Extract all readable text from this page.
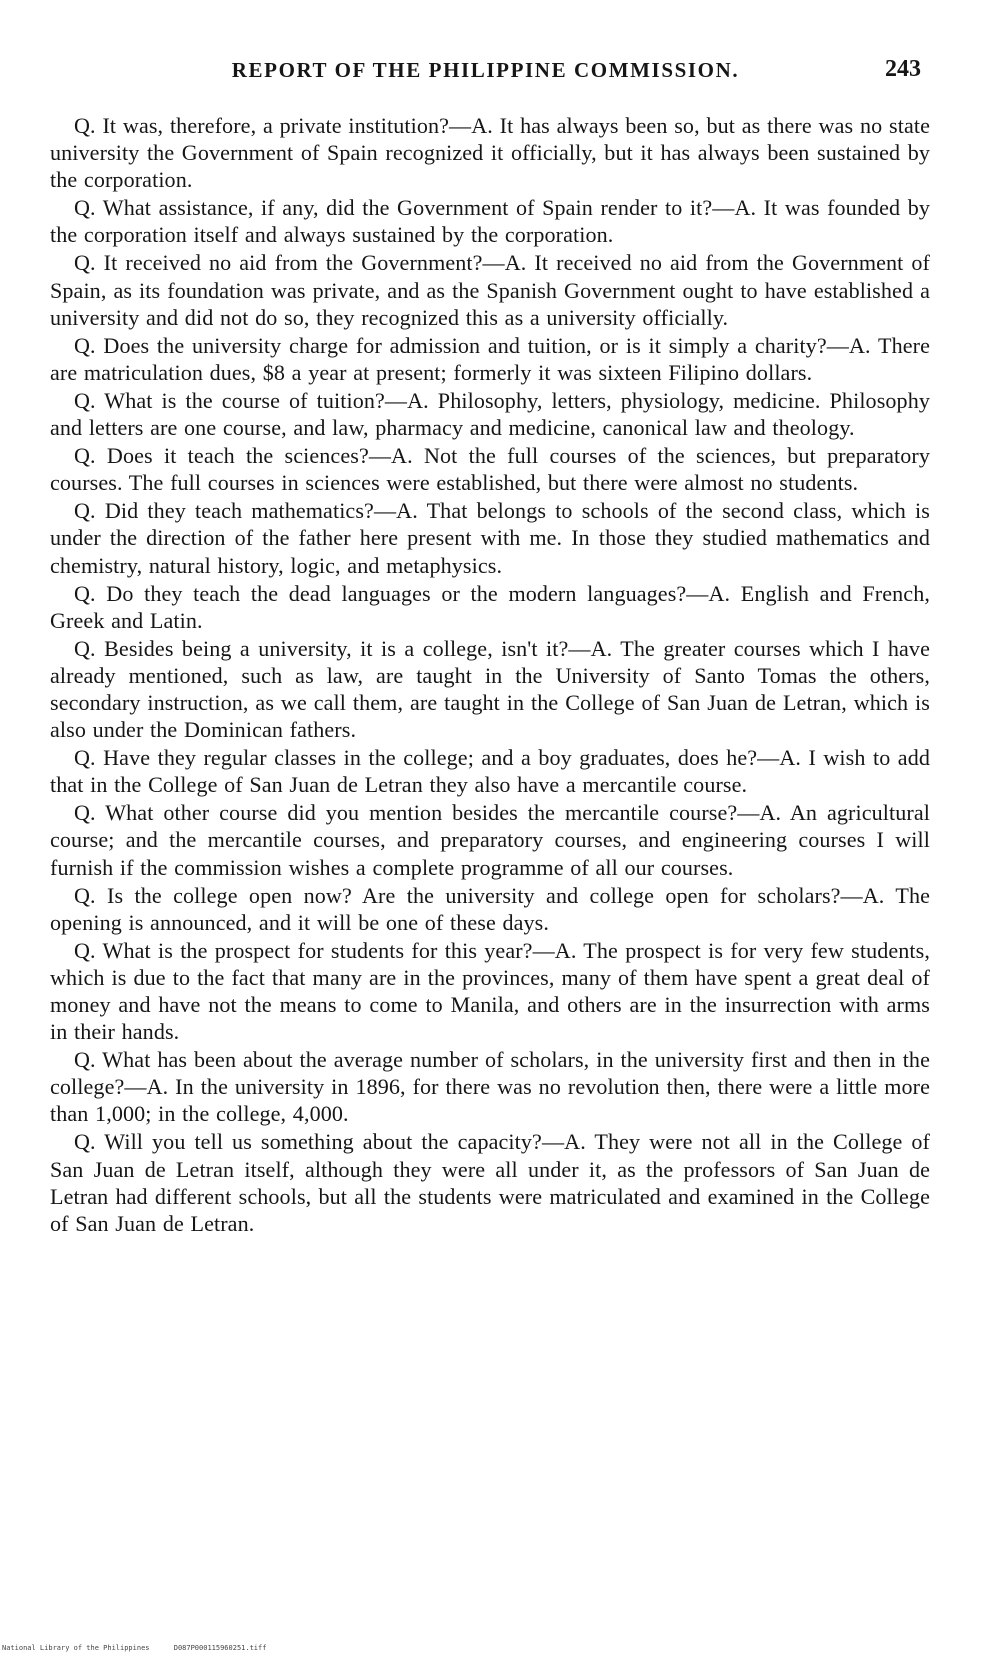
REPORT OF THE PHILIPPINE COMMISSION.	243

Q. It was, therefore, a private institution?—A. It has always been so, but as there was no state university the Government of Spain recognized it officially, but it has always been sustained by the corporation.

Q. What assistance, if any, did the Government of Spain render to it?—A. It was founded by the corporation itself and always sustained by the corporation.

Q. It received no aid from the Government?—A. It received no aid from the Government of Spain, as its foundation was private, and as the Spanish Government ought to have established a university and did not do so, they recognized this as a university officially.

Q. Does the university charge for admission and tuition, or is it simply a charity?—A. There are matriculation dues, $8 a year at present; formerly it was sixteen Filipino dollars.

Q. What is the course of tuition?—A. Philosophy, letters, physiology, medicine. Philosophy and letters are one course, and law, pharmacy and medicine, canonical law and theology.

Q. Does it teach the sciences?—A. Not the full courses of the sciences, but preparatory courses. The full courses in sciences were established, but there were almost no students.

Q. Did they teach mathematics?—A. That belongs to schools of the second class, which is under the direction of the father here present with me. In those they studied mathematics and chemistry, natural history, logic, and metaphysics.

Q. Do they teach the dead languages or the modern languages?—A. English and French, Greek and Latin.

Q. Besides being a university, it is a college, isn't it?—A. The greater courses which I have already mentioned, such as law, are taught in the University of Santo Tomas the others, secondary instruction, as we call them, are taught in the College of San Juan de Letran, which is also under the Dominican fathers.

Q. Have they regular classes in the college; and a boy graduates, does he?—A. I wish to add that in the College of San Juan de Letran they also have a mercantile course.

Q. What other course did you mention besides the mercantile course?—A. An agricultural course; and the mercantile courses, and preparatory courses, and engineering courses I will furnish if the commission wishes a complete programme of all our courses.

Q. Is the college open now? Are the university and college open for scholars?—A. The opening is announced, and it will be one of these days.

Q. What is the prospect for students for this year?—A. The prospect is for very few students, which is due to the fact that many are in the provinces, many of them have spent a great deal of money and have not the means to come to Manila, and others are in the insurrection with arms in their hands.

Q. What has been about the average number of scholars, in the university first and then in the college?—A. In the university in 1896, for there was no revolution then, there were a little more than 1,000; in the college, 4,000.

Q. Will you tell us something about the capacity?—A. They were not all in the College of San Juan de Letran itself, although they were all under it, as the professors of San Juan de Letran had different schools, but all the students were matriculated and examined in the College of San Juan de Letran.

National Library of the Philippines	D087P000115960251.tiff
